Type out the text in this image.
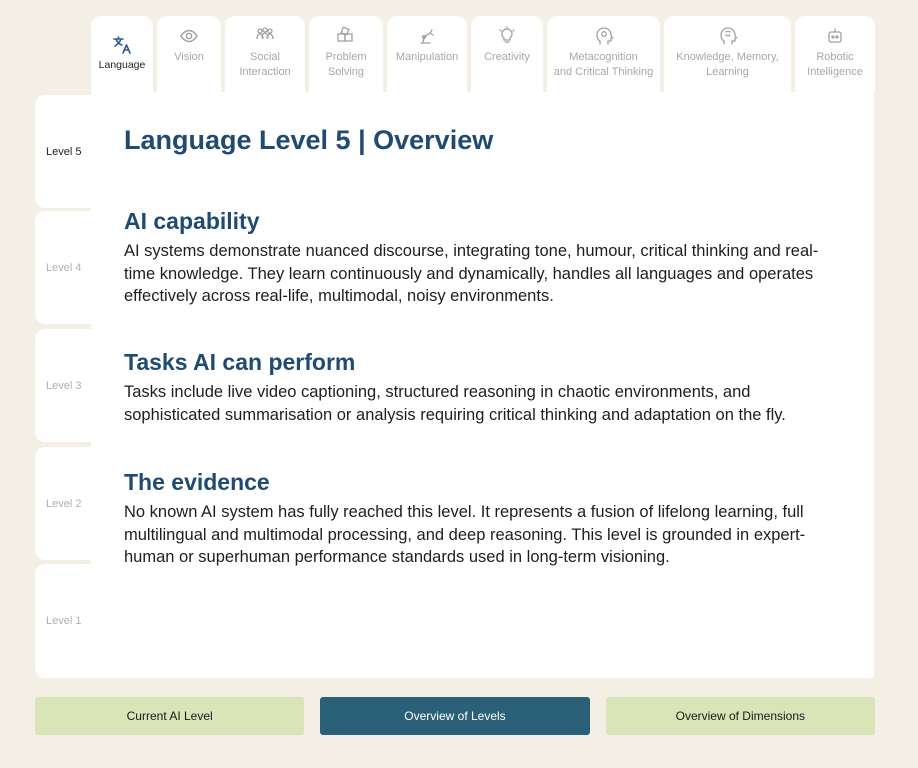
Language
Vision	Social
Interaction
Problem
Solving
Manipulation Creativity	Metacognition
and Critical Thinking
Knowledge, Memory,
Learning
Robotic
Intelligence
Level 5
Level 4
Level 3
Level 2
Level 1
Language Level 5 | Overview
AI capability

AI systems demonstrate nuanced discourse, integrating tone, humour, critical thinking and real-time knowledge. They learn continuously and dynamically, handles all languages and operates effectively across real-life, multimodal, noisy environments.

Tasks AI can perform

Tasks include live video captioning, structured reasoning in chaotic environments, and sophisticated summarisation or analysis requiring critical thinking and adaptation on the fly.

The evidence

No known AI system has fully reached this level. It represents a fusion of lifelong learning, full multilingual and multimodal processing, and deep reasoning. This level is grounded in expert-human or superhuman performance standards used in long-term visioning.

Current AI Level	Overview of Levels	Overview of Dimensions
